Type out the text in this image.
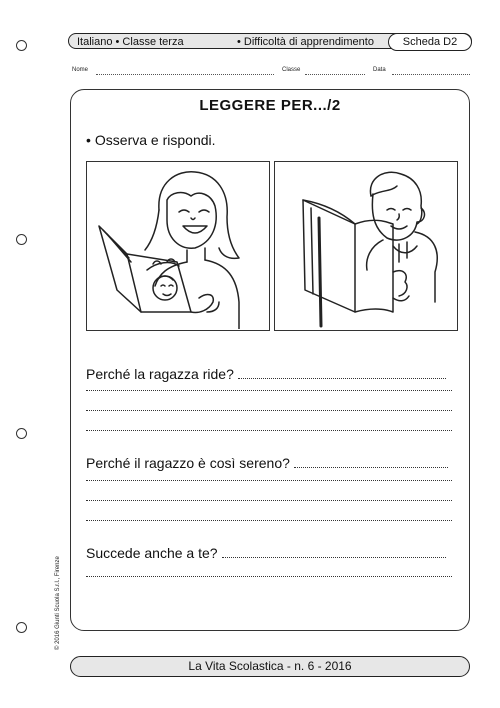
Italiano • Classe terza	• Difficoltà di apprendimento	Scheda D2
Nome	Classe	Data
LEGGERE PER.../2
• Osserva e rispondi.
Perché la ragazza ride?
Perché il ragazzo è così sereno?
Succede anche a te?
La Vita Scolastica - n. 6 - 2016
© 2016 Giunti Scuola S.r.l., Firenze
